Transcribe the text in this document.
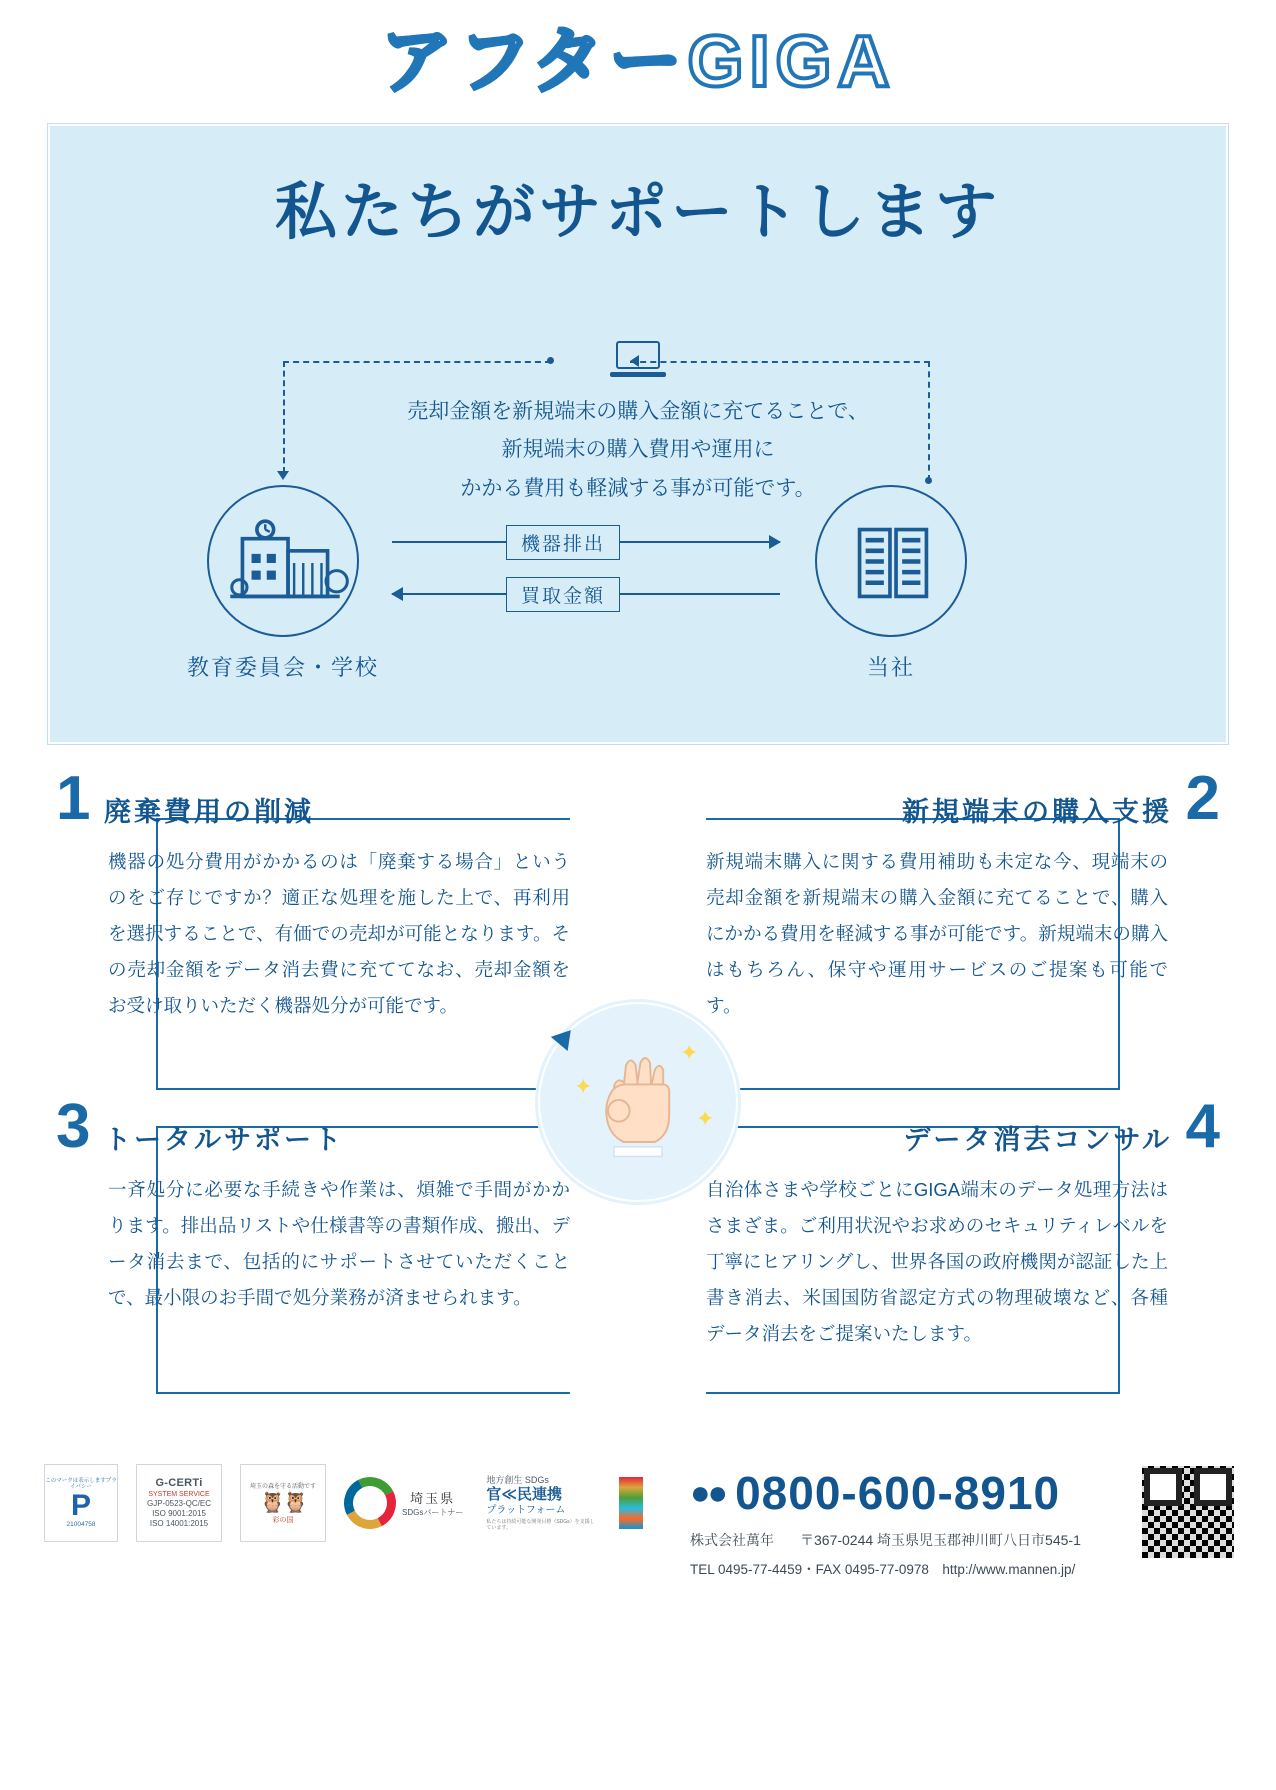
アフターGIGA
私たちがサポートします
売却金額を新規端末の購入金額に充てることで、
新規端末の購入費用や運用に
かかる費用も軽減する事が可能です。
教育委員会・学校	当社
機器排出
買取金額
1 廃棄費用の削減

機器の処分費用がかかるのは「廃棄する場合」というのをご存じですか？適正な処理を施した上で、再利用を選択することで、有価での売却が可能となります。その売却金額をデータ消去費に充ててなお、売却金額をお受け取りいただく機器処分が可能です。

2
新規端末の購入支援

新規端末購入に関する費用補助も未定な今、現端末の売却金額を新規端末の購入金額に充てることで、購入にかかる費用を軽減する事が可能です。新規端末の購入はもちろん、保守や運用サービスのご提案も可能です。

3 トータルサポート

一斉処分に必要な手続きや作業は、煩雑で手間がかかります。排出品リストや仕様書等の書類作成、搬出、データ消去まで、包括的にサポートさせていただくことで、最小限のお手間で処分業務が済ませられます。

4
データ消去コンサル

自治体さまや学校ごとにGIGA端末のデータ処理方法はさまざま。ご利用状況やお求めのセキュリティレベルを丁寧にヒアリングし、世界各国の政府機関が認証した上書き消去、米国国防省認定方式の物理破壊など、各種データ消去をご提案いたします。

✦
✦
✦
このマークは表示しますプライバシー
P
21004758
G-CERTi
SYSTEM SERVICE
GJP-0523-QC/EC
ISO 9001:2015
ISO 14001:2015
埼玉の森を守る活動です
🦉🦉
彩の国
埼玉県
SDGsパートナー
地方創生 SDGs
官≪民連携
プラットフォーム
私たちは持続可能な開発目標（SDGs）を支援しています。
●● 0800-600-8910
株式会社萬年 〒367-0244 埼玉県児玉郡神川町八日市545-1
TEL 0495-77-4459・FAX 0495-77-0978　http://www.mannen.jp/
